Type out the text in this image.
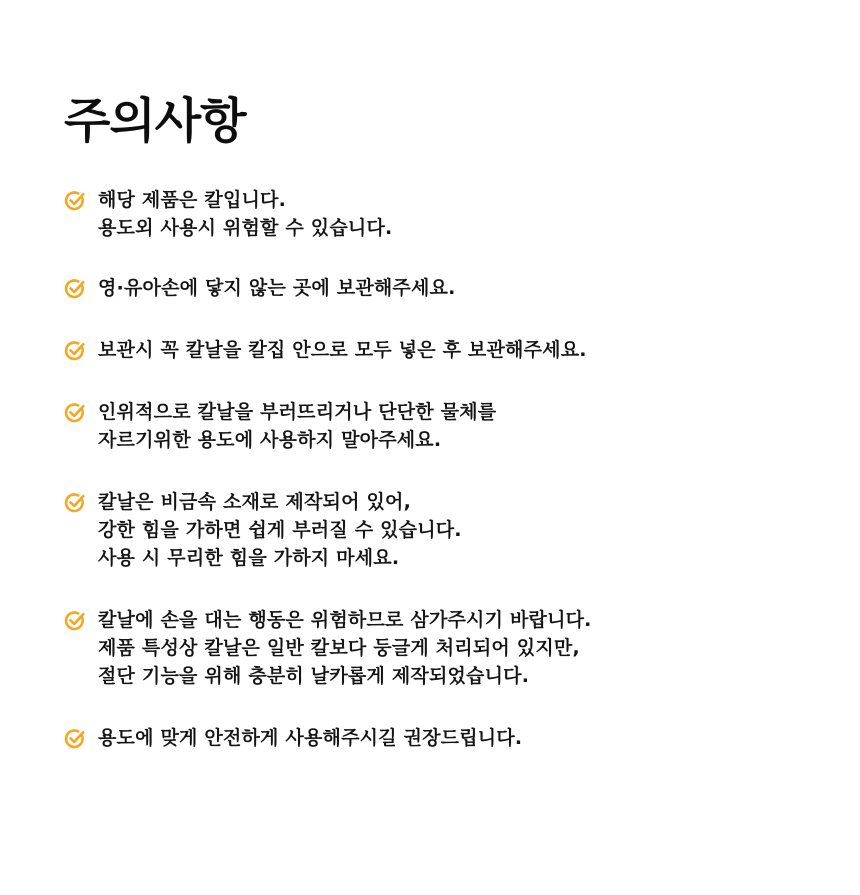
주의사항
해당 제품은 칼입니다.
용도외 사용시 위험할 수 있습니다.
영·유아손에 닿지 않는 곳에 보관해주세요.
보관시 꼭 칼날을 칼집 안으로 모두 넣은 후 보관해주세요.
인위적으로 칼날을 부러뜨리거나 단단한 물체를
자르기위한 용도에 사용하지 말아주세요.
칼날은 비금속 소재로 제작되어 있어,
강한 힘을 가하면 쉽게 부러질 수 있습니다.
사용 시 무리한 힘을 가하지 마세요.
칼날에 손을 대는 행동은 위험하므로 삼가주시기 바랍니다.
제품 특성상 칼날은 일반 칼보다 둥글게 처리되어 있지만,
절단 기능을 위해 충분히 날카롭게 제작되었습니다.
용도에 맞게 안전하게 사용해주시길 권장드립니다.
